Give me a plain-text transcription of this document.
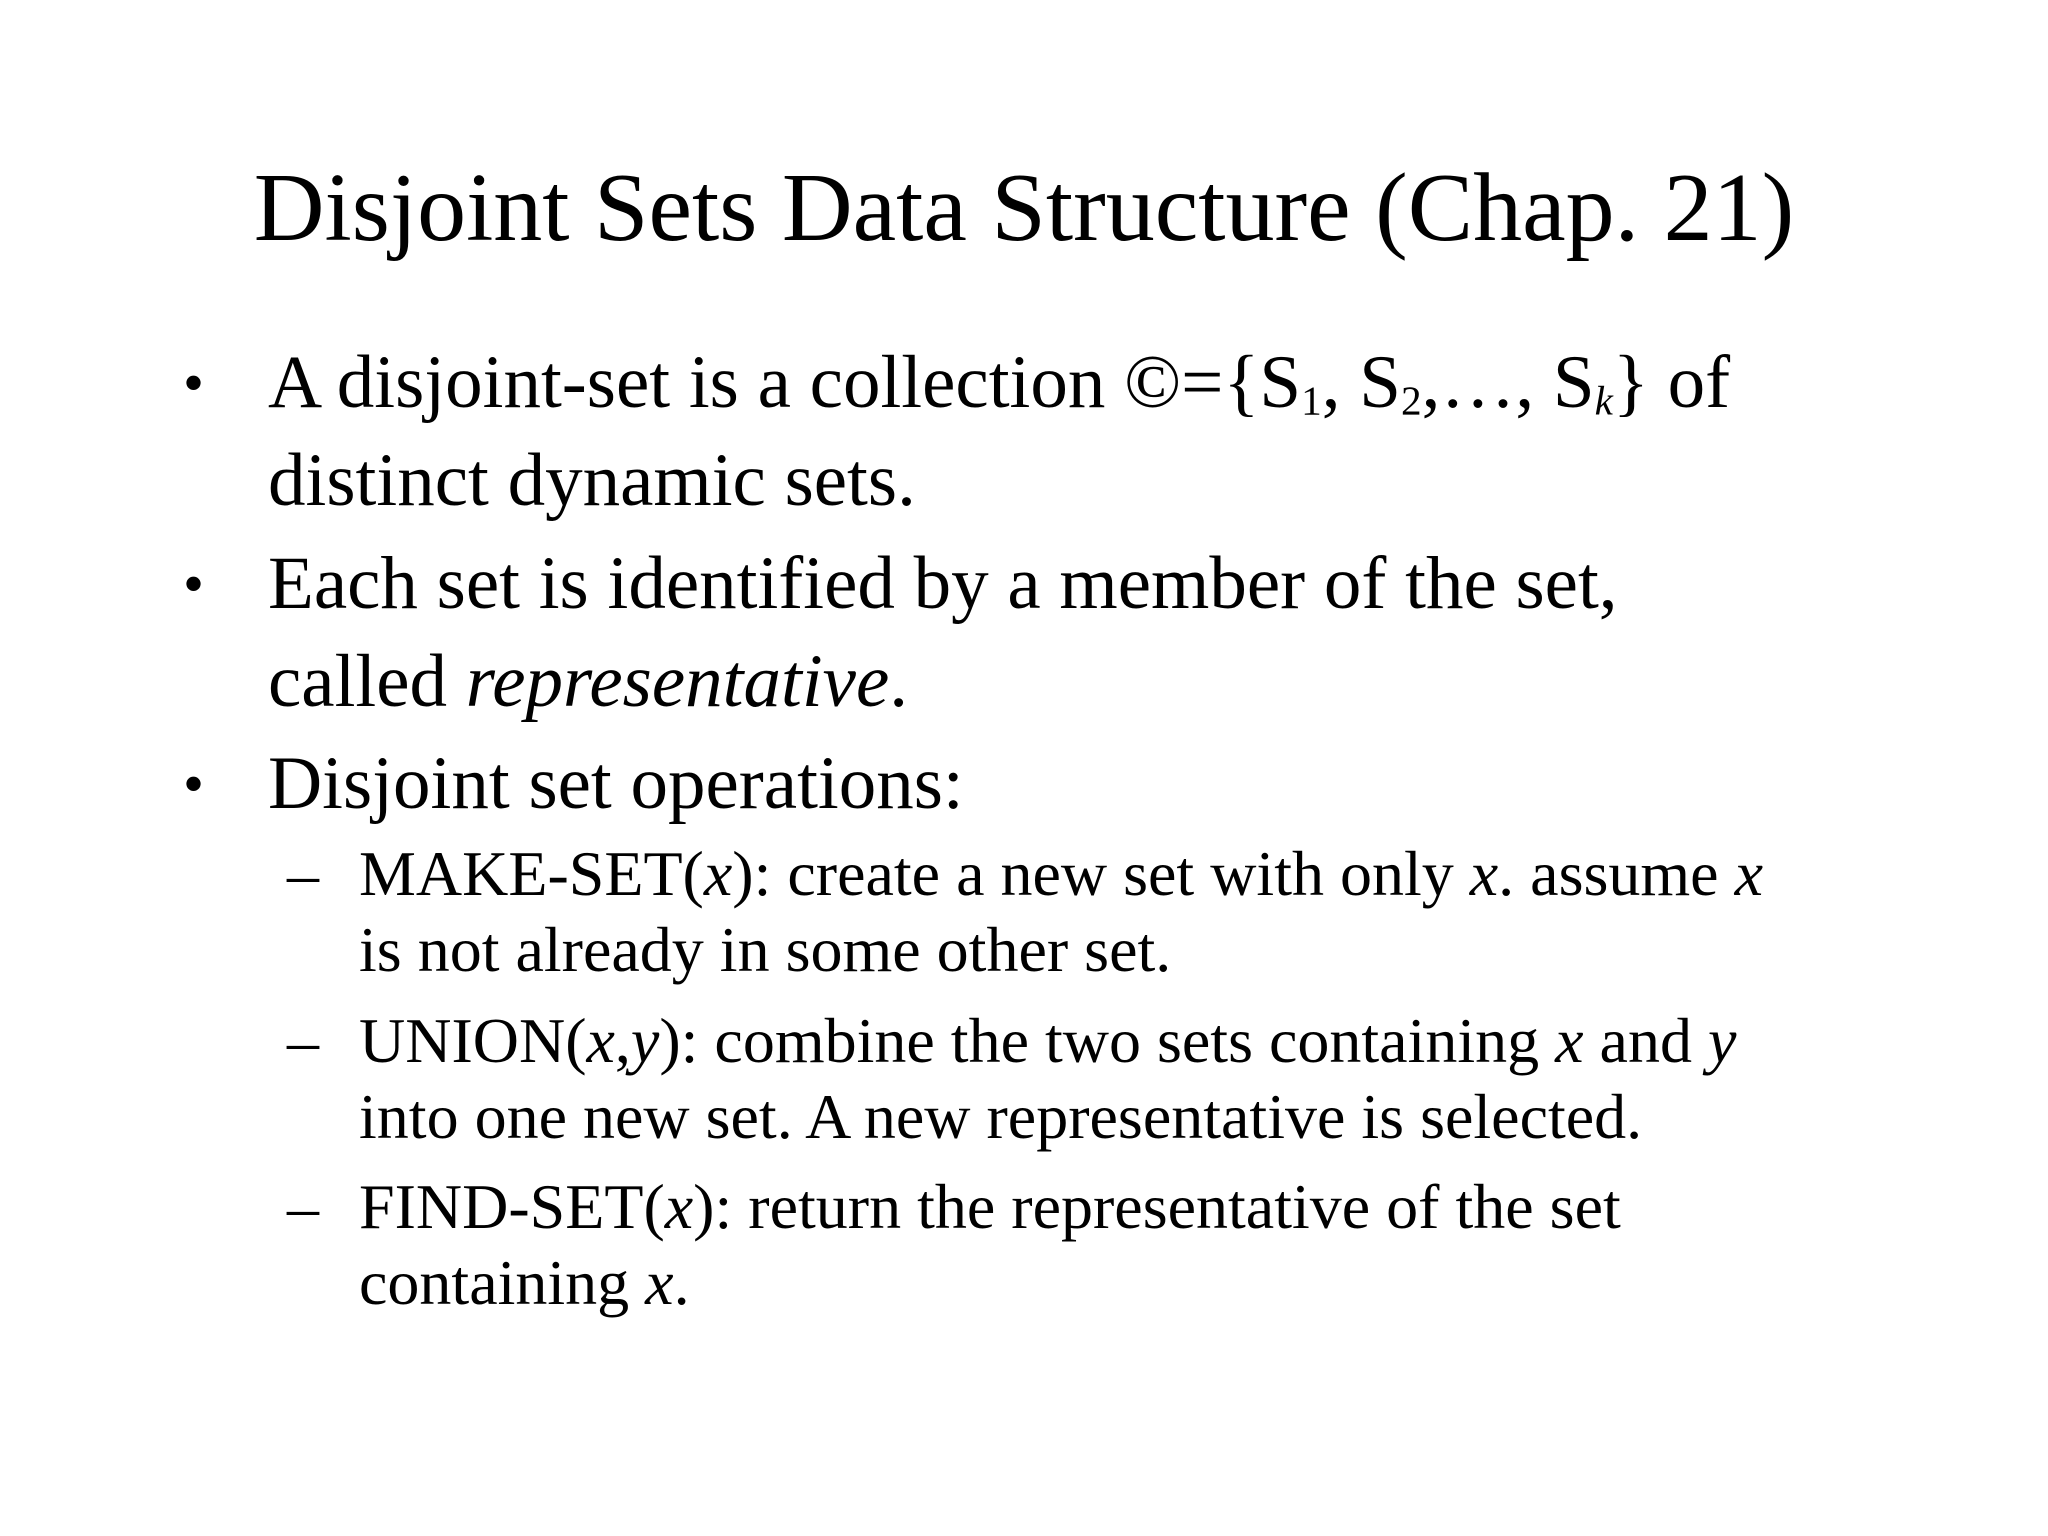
Disjoint Sets Data Structure (Chap. 21)
• A disjoint-set is a collection $©=\{S_1$, $S_2,\dots$, $S_k$} of
distinct dynamic sets.
• Each set is identified by a member of the set,
called representative.
• Disjoint set operations:
– MAKE-SET(x): create a new set with only x. assume x
is not already in some other set.
– UNION(x,y): combine the two sets containing x and y
into one new set. A new representative is selected.
– FIND-SET(x): return the representative of the set
containing x.
